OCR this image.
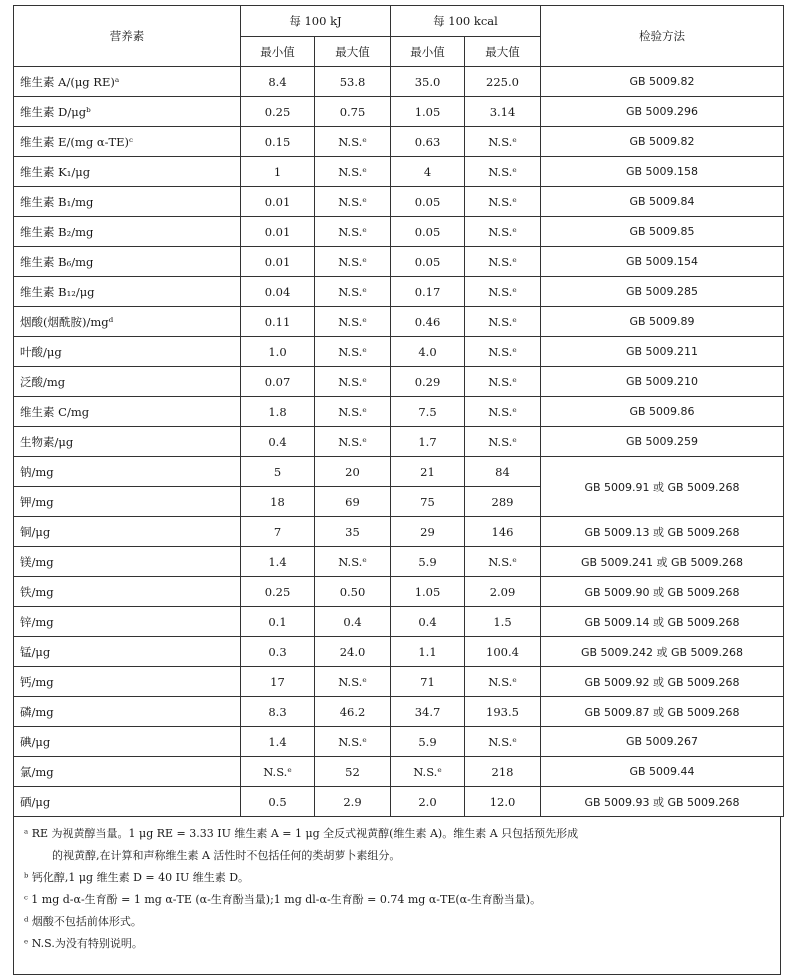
营养素	每 100 kJ		每 100 kcal		检验方法
	最小值	最大值	最小值	最大值	
维生素 A/(μg RE)ᵃ	8.4	53.8	35.0	225.0	GB 5009.82
维生素 D/μgᵇ	0.25	0.75	1.05	3.14	GB 5009.296
维生素 E/(mg α-TE)ᶜ	0.15	N.S.ᵉ	0.63	N.S.ᵉ	GB 5009.82
维生素 K₁/μg	1	N.S.ᵉ	4	N.S.ᵉ	GB 5009.158
维生素 B₁/mg	0.01	N.S.ᵉ	0.05	N.S.ᵉ	GB 5009.84
维生素 B₂/mg	0.01	N.S.ᵉ	0.05	N.S.ᵉ	GB 5009.85
维生素 B₆/mg	0.01	N.S.ᵉ	0.05	N.S.ᵉ	GB 5009.154
维生素 B₁₂/μg	0.04	N.S.ᵉ	0.17	N.S.ᵉ	GB 5009.285
烟酸(烟酰胺)/mgᵈ	0.11	N.S.ᵉ	0.46	N.S.ᵉ	GB 5009.89
叶酸/μg	1.0	N.S.ᵉ	4.0	N.S.ᵉ	GB 5009.211
泛酸/mg	0.07	N.S.ᵉ	0.29	N.S.ᵉ	GB 5009.210
维生素 C/mg	1.8	N.S.ᵉ	7.5	N.S.ᵉ	GB 5009.86
生物素/μg	0.4	N.S.ᵉ	1.7	N.S.ᵉ	GB 5009.259
钠/mg	5	20	21	84	GB 5009.91 或 GB 5009.268
钾/mg	18	69	75	289	
铜/μg	7	35	29	146	GB 5009.13 或 GB 5009.268
镁/mg	1.4	N.S.ᵉ	5.9	N.S.ᵉ	GB 5009.241 或 GB 5009.268
铁/mg	0.25	0.50	1.05	2.09	GB 5009.90 或 GB 5009.268
锌/mg	0.1	0.4	0.4	1.5	GB 5009.14 或 GB 5009.268
锰/μg	0.3	24.0	1.1	100.4	GB 5009.242 或 GB 5009.268
钙/mg	17	N.S.ᵉ	71	N.S.ᵉ	GB 5009.92 或 GB 5009.268
磷/mg	8.3	46.2	34.7	193.5	GB 5009.87 或 GB 5009.268
碘/μg	1.4	N.S.ᵉ	5.9	N.S.ᵉ	GB 5009.267
氯/mg	N.S.ᵉ	52	N.S.ᵉ	218	GB 5009.44
硒/μg	0.5	2.9	2.0	12.0	GB 5009.93 或 GB 5009.268
ᵃ RE 为视黄醇当量。1 μg RE = 3.33 IU 维生素 A = 1 μg 全反式视黄醇(维生素 A)。维生素 A 只包括预先形成
的视黄醇,在计算和声称维生素 A 活性时不包括任何的类胡萝卜素组分。
ᵇ 钙化醇,1 μg 维生素 D = 40 IU 维生素 D。
ᶜ 1 mg d-α-生育酚 = 1 mg α-TE (α-生育酚当量);1 mg dl-α-生育酚 = 0.74 mg α-TE(α-生育酚当量)。
ᵈ 烟酸不包括前体形式。
ᵉ N.S.为没有特别说明。
